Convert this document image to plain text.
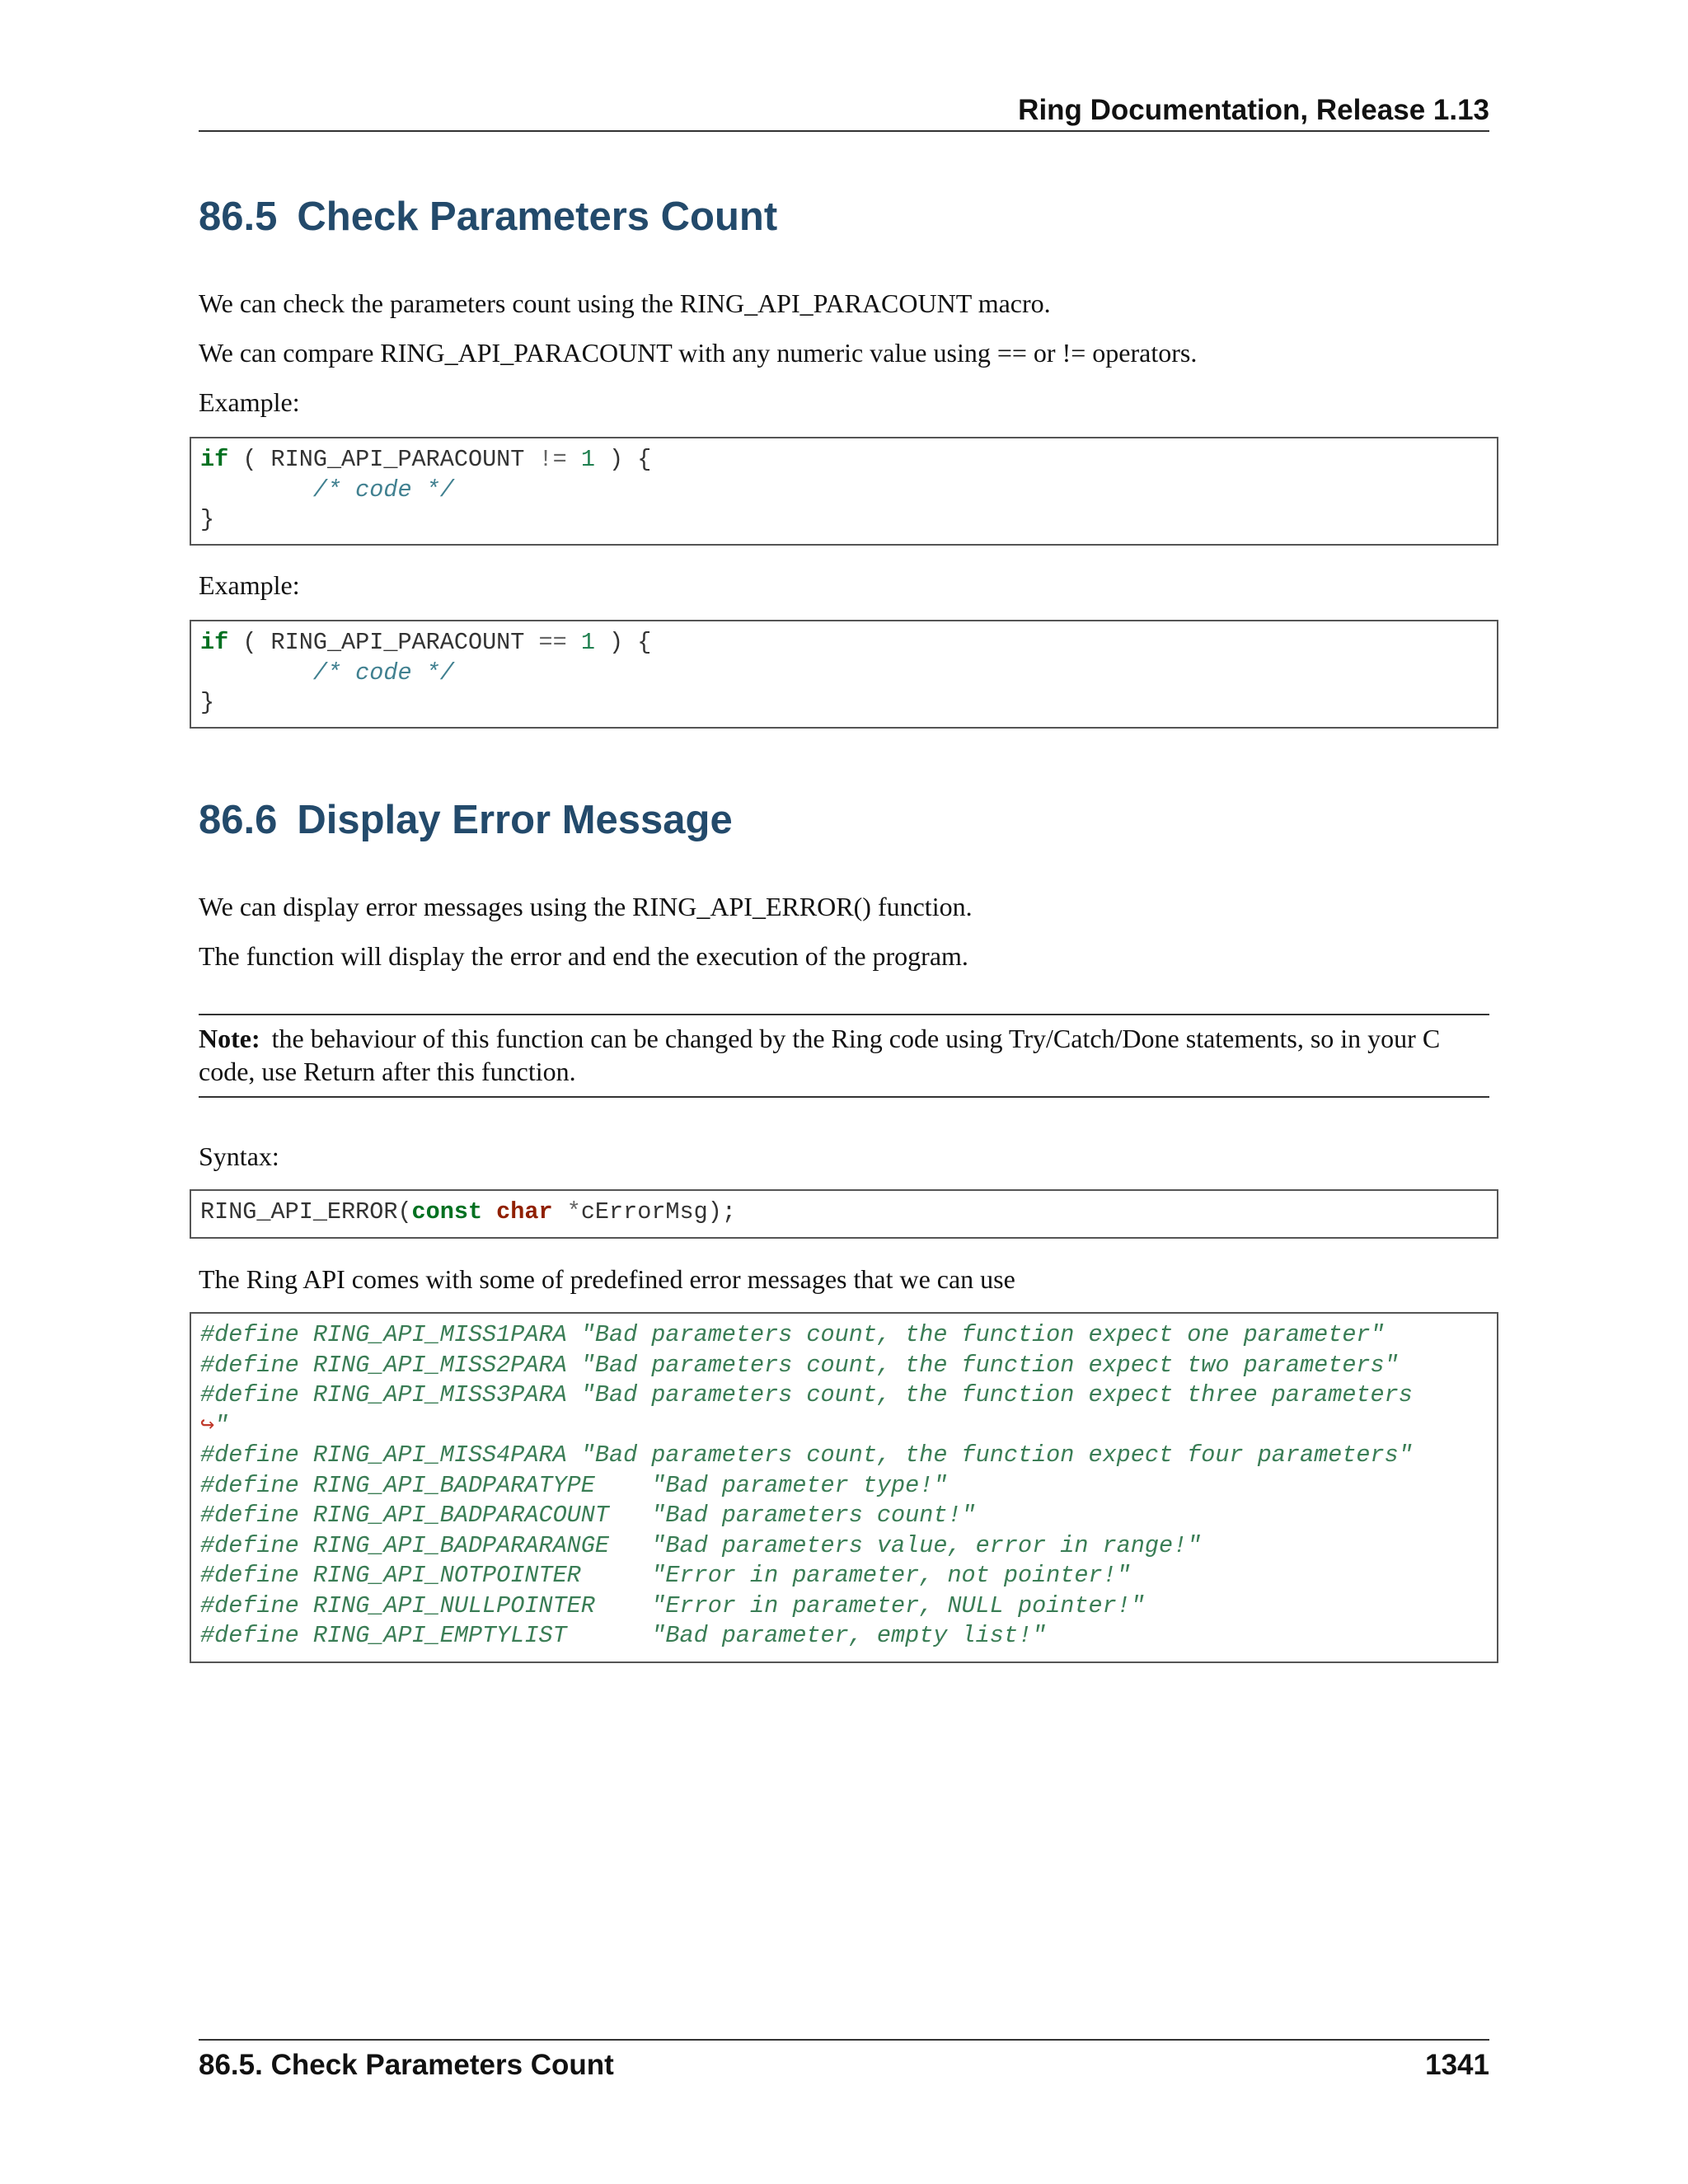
Ring Documentation, Release 1.13
86.5 Check Parameters Count

We can check the parameters count using the RING_API_PARACOUNT macro.

We can compare RING_API_PARACOUNT with any numeric value using == or != operators.

Example:

if ( RING_API_PARACOUNT != 1 ) {
/* code */
}

Example:

if ( RING_API_PARACOUNT == 1 ) {
/* code */
}
86.6 Display Error Message

We can display error messages using the RING_API_ERROR() function.

The function will display the error and end the execution of the program.

Note: the behaviour of this function can be changed by the Ring code using Try/Catch/Done statements, so in your C code, use Return after this function.

Syntax:

RING_API_ERROR(const char *cErrorMsg);

The Ring API comes with some of predefined error messages that we can use

#define RING_API_MISS1PARA "Bad parameters count, the function expect one parameter"
#define RING_API_MISS2PARA "Bad parameters count, the function expect two parameters"
#define RING_API_MISS3PARA "Bad parameters count, the function expect three parameters
↪"
#define RING_API_MISS4PARA "Bad parameters count, the function expect four parameters"
#define RING_API_BADPARATYPE    "Bad parameter type!"
#define RING_API_BADPARACOUNT   "Bad parameters count!"
#define RING_API_BADPARARANGE   "Bad parameters value, error in range!"
#define RING_API_NOTPOINTER     "Error in parameter, not pointer!"
#define RING_API_NULLPOINTER    "Error in parameter, NULL pointer!"
#define RING_API_EMPTYLIST      "Bad parameter, empty list!"
86.5. Check Parameters Count	1341
